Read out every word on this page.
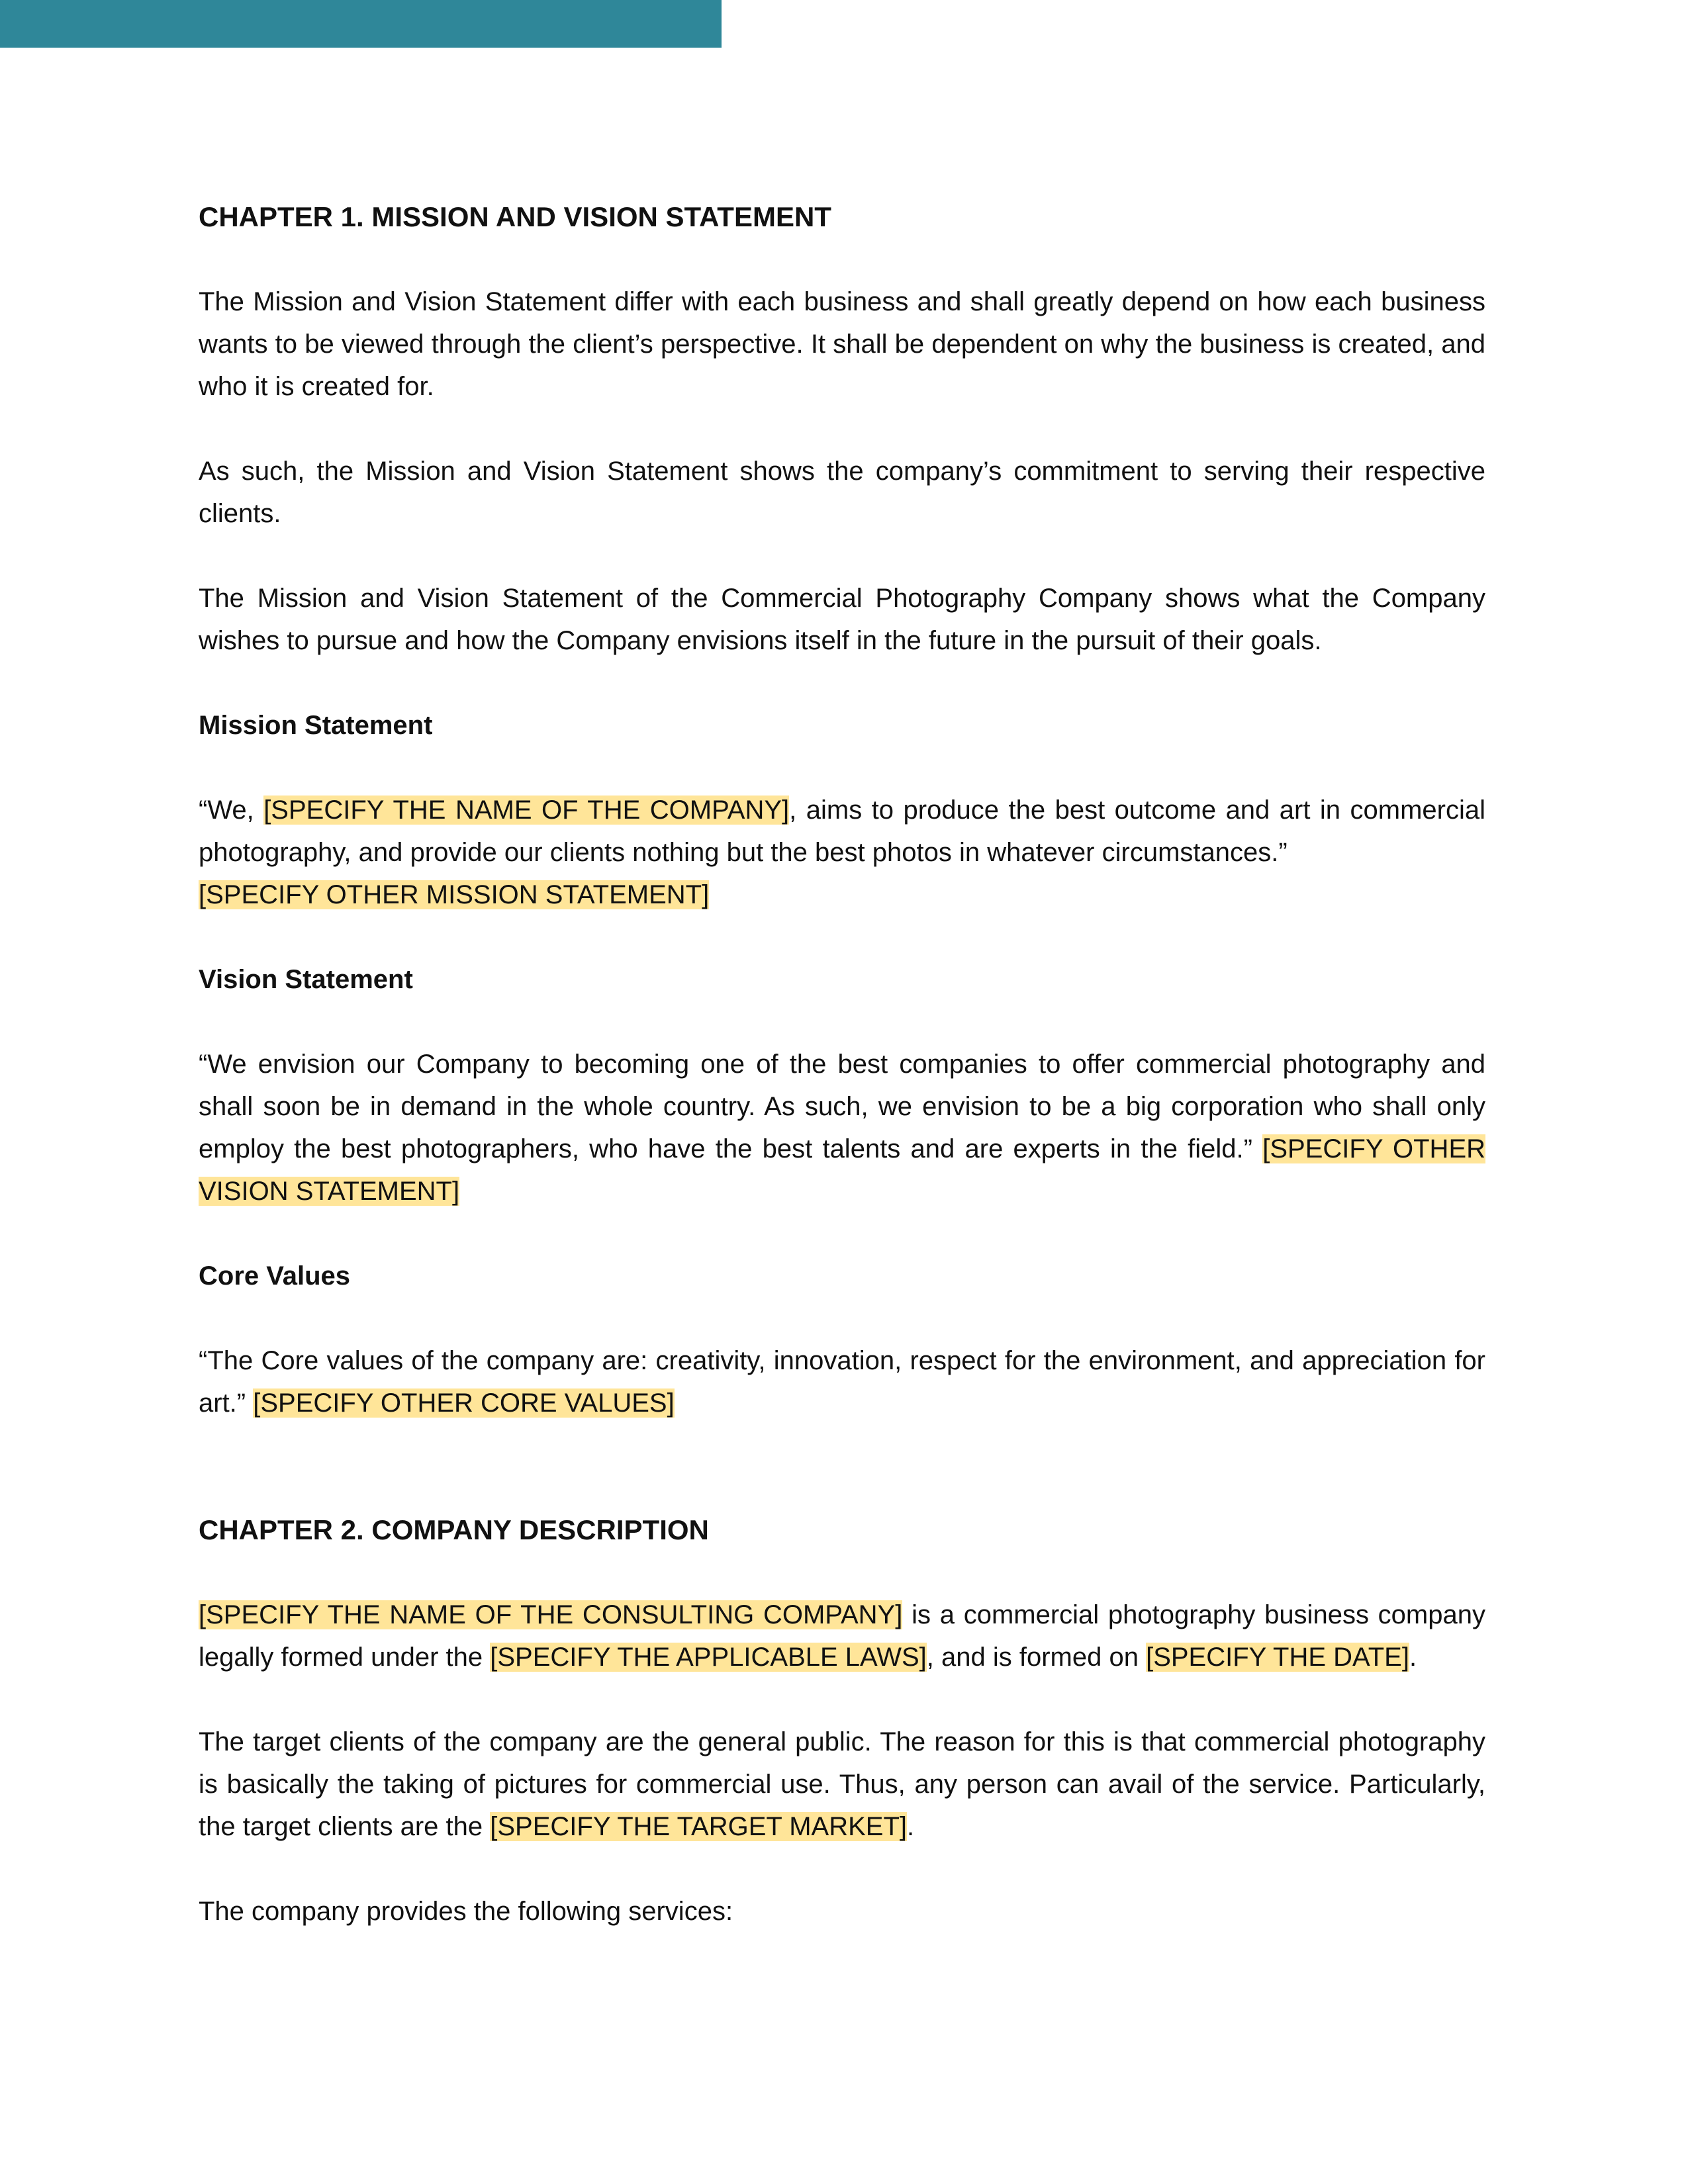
CHAPTER 1. MISSION AND VISION STATEMENT

The Mission and Vision Statement differ with each business and shall greatly depend on how each business wants to be viewed through the client’s perspective. It shall be dependent on why the business is created, and who it is created for.

As such, the Mission and Vision Statement shows the company’s commitment to serving their respective clients.

The Mission and Vision Statement of the Commercial Photography Company shows what the Company wishes to pursue and how the Company envisions itself in the future in the pursuit of their goals.

Mission Statement

“We, [SPECIFY THE NAME OF THE COMPANY], aims to produce the best outcome and art in commercial photography, and provide our clients nothing but the best photos in whatever circumstances.”

[SPECIFY OTHER MISSION STATEMENT]

Vision Statement

“We envision our Company to becoming one of the best companies to offer commercial photography and shall soon be in demand in the whole country. As such, we envision to be a big corporation who shall only employ the best photographers, who have the best talents and are experts in the field.” [SPECIFY OTHER VISION STATEMENT]

Core Values

“The Core values of the company are: creativity, innovation, respect for the environment, and appreciation for art.” [SPECIFY OTHER CORE VALUES]

CHAPTER 2. COMPANY DESCRIPTION

[SPECIFY THE NAME OF THE CONSULTING COMPANY] is a commercial photography business company legally formed under the [SPECIFY THE APPLICABLE LAWS], and is formed on [SPECIFY THE DATE].

The target clients of the company are the general public. The reason for this is that commercial photography is basically the taking of pictures for commercial use. Thus, any person can avail of the service. Particularly, the target clients are the [SPECIFY THE TARGET MARKET].

The company provides the following services:
